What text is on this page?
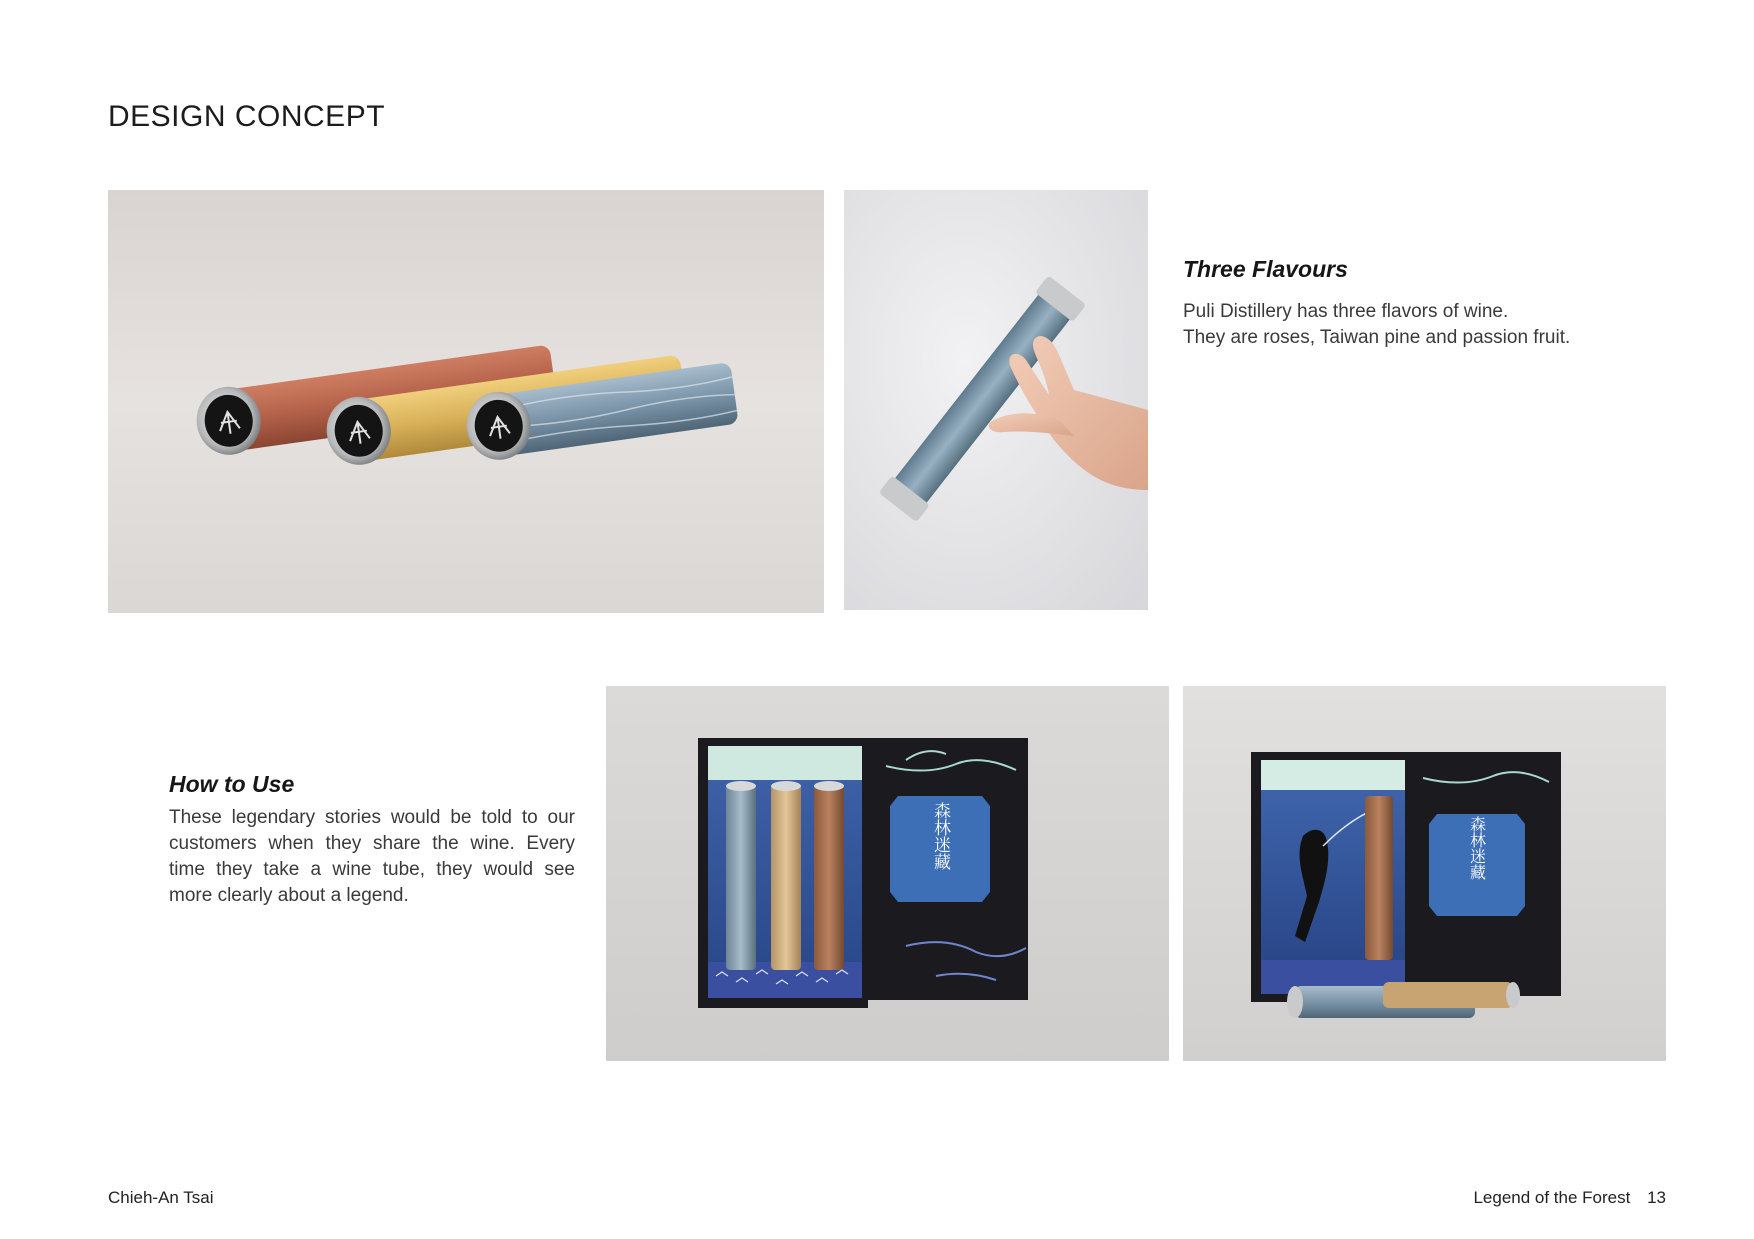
DESIGN CONCEPT
Three Flavours
Puli Distillery has three flavors of wine.
They are roses, Taiwan pine and passion fruit.
How to Use
These legendary stories would be told to our customers when they share the wine. Every time they take a wine tube, they would see more clearly about a legend.
森林迷藏	森林迷藏
Chieh-An Tsai	Legend of the Forest 13
